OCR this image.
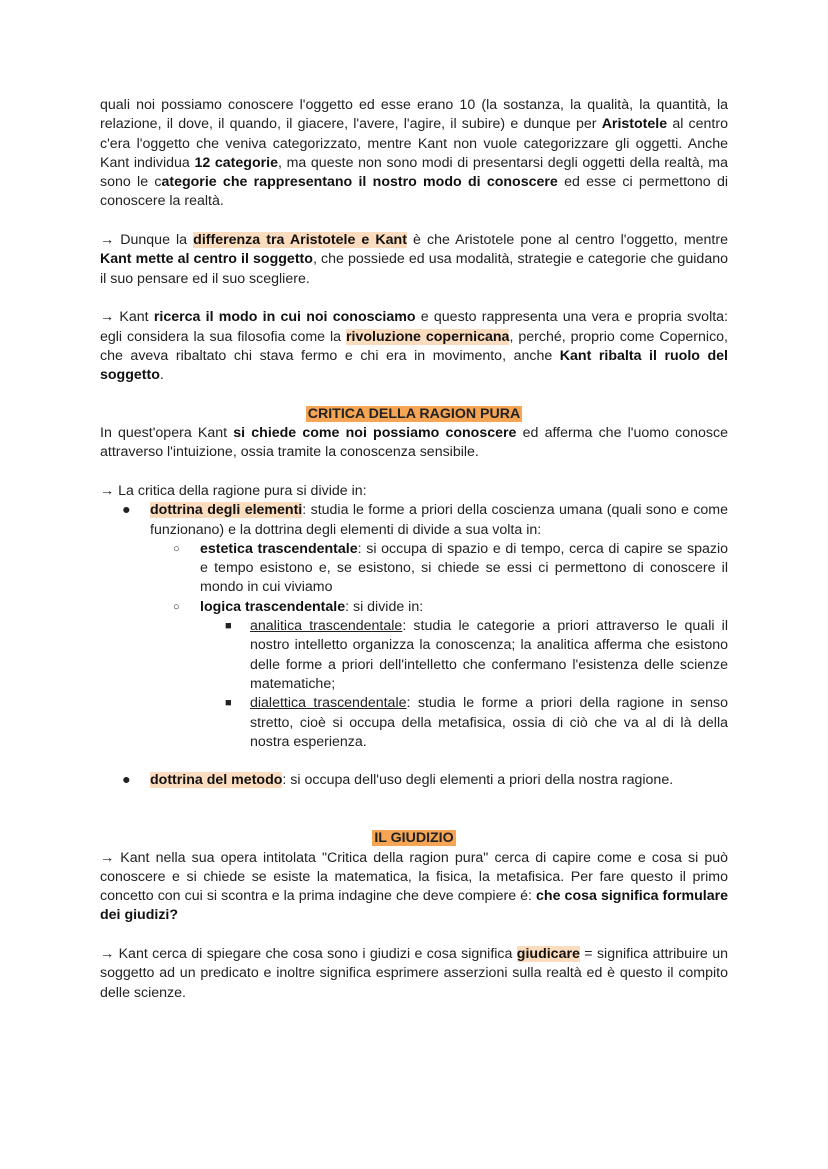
quali noi possiamo conoscere l'oggetto ed esse erano 10 (la sostanza, la qualità, la quantità, la relazione, il dove, il quando, il giacere, l'avere, l'agire, il subire) e dunque per Aristotele al centro c'era l'oggetto che veniva categorizzato, mentre Kant non vuole categorizzare gli oggetti. Anche Kant individua 12 categorie, ma queste non sono modi di presentarsi degli oggetti della realtà, ma sono le categorie che rappresentano il nostro modo di conoscere ed esse ci permettono di conoscere la realtà.

→ Dunque la differenza tra Aristotele e Kant è che Aristotele pone al centro l'oggetto, mentre Kant mette al centro il soggetto, che possiede ed usa modalità, strategie e categorie che guidano il suo pensare ed il suo scegliere.

→ Kant ricerca il modo in cui noi conosciamo e questo rappresenta una vera e propria svolta: egli considera la sua filosofia come la rivoluzione copernicana, perché, proprio come Copernico, che aveva ribaltato chi stava fermo e chi era in movimento, anche Kant ribalta il ruolo del soggetto.

CRITICA DELLA RAGION PURA

In quest'opera Kant si chiede come noi possiamo conoscere ed afferma che l'uomo conosce attraverso l'intuizione, ossia tramite la conoscenza sensibile.

→ La critica della ragione pura si divide in:

● dottrina degli elementi: studia le forme a priori della coscienza umana (quali sono e come funzionano) e la dottrina degli elementi di divide a sua volta in:
○ estetica trascendentale: si occupa di spazio e di tempo, cerca di capire se spazio e tempo esistono e, se esistono, si chiede se essi ci permettono di conoscere il mondo in cui viviamo
○ logica trascendentale: si divide in:
■ analitica trascendentale: studia le categorie a priori attraverso le quali il nostro intelletto organizza la conoscenza; la analitica afferma che esistono delle forme a priori dell'intelletto che confermano l'esistenza delle scienze matematiche;
■ dialettica trascendentale: studia le forme a priori della ragione in senso stretto, cioè si occupa della metafisica, ossia di ciò che va al di là della nostra esperienza.
● dottrina del metodo: si occupa dell'uso degli elementi a priori della nostra ragione.

IL GIUDIZIO

→ Kant nella sua opera intitolata "Critica della ragion pura" cerca di capire come e cosa si può conoscere e si chiede se esiste la matematica, la fisica, la metafisica. Per fare questo il primo concetto con cui si scontra e la prima indagine che deve compiere é: che cosa significa formulare dei giudizi?

→ Kant cerca di spiegare che cosa sono i giudizi e cosa significa giudicare = significa attribuire un soggetto ad un predicato e inoltre significa esprimere asserzioni sulla realtà ed è questo il compito delle scienze.
